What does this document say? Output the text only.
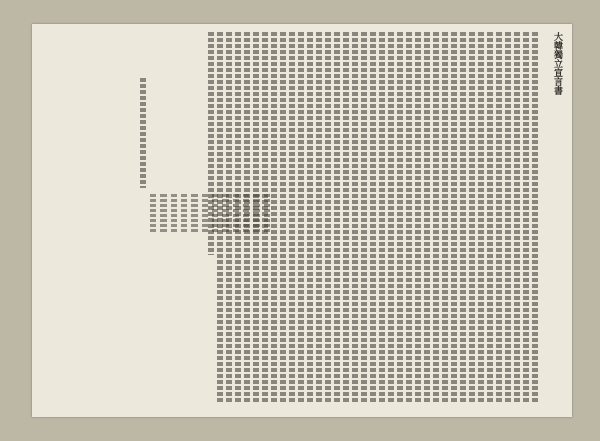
大韓獨立宣言書
